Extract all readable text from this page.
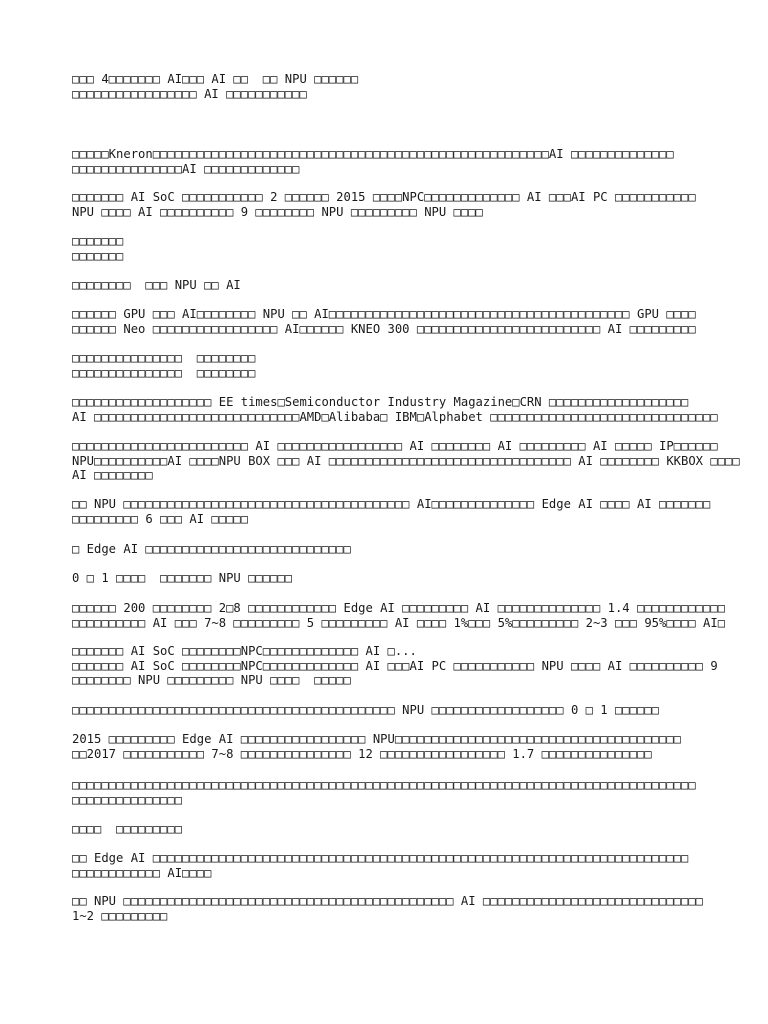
□□□ 4□□□□□□□ AI□□□ AI □□  □□ NPU □□□□□□
□□□□□□□□□□□□□□□□□ AI □□□□□□□□□□□
□□□□□Kneron□□□□□□□□□□□□□□□□□□□□□□□□□□□□□□□□□□□□□□□□□□□□□□□□□□□□□□AI □□□□□□□□□□□□□□
□□□□□□□□□□□□□□□AI □□□□□□□□□□□□□
□□□□□□□ AI SoC □□□□□□□□□□□ 2 □□□□□□ 2015 □□□□NPC□□□□□□□□□□□□□ AI □□□AI PC □□□□□□□□□□□
NPU □□□□ AI □□□□□□□□□□ 9 □□□□□□□□ NPU □□□□□□□□□ NPU □□□□
□□□□□□□
□□□□□□□
□□□□□□□□  □□□ NPU □□ AI
□□□□□□ GPU □□□ AI□□□□□□□□ NPU □□ AI□□□□□□□□□□□□□□□□□□□□□□□□□□□□□□□□□□□□□□□□□ GPU □□□□
□□□□□□ Neo □□□□□□□□□□□□□□□□□ AI□□□□□□ KNEO 300 □□□□□□□□□□□□□□□□□□□□□□□□□ AI □□□□□□□□□
□□□□□□□□□□□□□□□  □□□□□□□□
□□□□□□□□□□□□□□□  □□□□□□□□
□□□□□□□□□□□□□□□□□□□ EE times□Semiconductor Industry Magazine□CRN □□□□□□□□□□□□□□□□□□□
AI □□□□□□□□□□□□□□□□□□□□□□□□□□□□AMD□Alibaba□ IBM□Alphabet □□□□□□□□□□□□□□□□□□□□□□□□□□□□□□□
□□□□□□□□□□□□□□□□□□□□□□□□ AI □□□□□□□□□□□□□□□□□ AI □□□□□□□□ AI □□□□□□□□□ AI □□□□□ IP□□□□□□
NPU□□□□□□□□□□AI □□□□NPU BOX □□□ AI □□□□□□□□□□□□□□□□□□□□□□□□□□□□□□□□□ AI □□□□□□□□ KKBOX □□□□
AI □□□□□□□□
□□ NPU □□□□□□□□□□□□□□□□□□□□□□□□□□□□□□□□□□□□□□□ AI□□□□□□□□□□□□□□ Edge AI □□□□ AI □□□□□□□
□□□□□□□□□ 6 □□□ AI □□□□□
□ Edge AI □□□□□□□□□□□□□□□□□□□□□□□□□□□□
0 □ 1 □□□□  □□□□□□□ NPU □□□□□□
□□□□□□ 200 □□□□□□□□ 2□8 □□□□□□□□□□□□ Edge AI □□□□□□□□□ AI □□□□□□□□□□□□□□ 1.4 □□□□□□□□□□□□
□□□□□□□□□□ AI □□□ 7~8 □□□□□□□□□ 5 □□□□□□□□□ AI □□□□ 1%□□□ 5%□□□□□□□□□ 2~3 □□□ 95%□□□□ AI□
□□□□□□□ AI SoC □□□□□□□□NPC□□□□□□□□□□□□□ AI □...
□□□□□□□ AI SoC □□□□□□□□NPC□□□□□□□□□□□□□ AI □□□AI PC □□□□□□□□□□□ NPU □□□□ AI □□□□□□□□□□ 9
□□□□□□□□ NPU □□□□□□□□□ NPU □□□□  □□□□□
□□□□□□□□□□□□□□□□□□□□□□□□□□□□□□□□□□□□□□□□□□□□ NPU □□□□□□□□□□□□□□□□□□ 0 □ 1 □□□□□□
2015 □□□□□□□□□ Edge AI □□□□□□□□□□□□□□□□□ NPU□□□□□□□□□□□□□□□□□□□□□□□□□□□□□□□□□□□□□□□
□□2017 □□□□□□□□□□□ 7~8 □□□□□□□□□□□□□□□ 12 □□□□□□□□□□□□□□□□□ 1.7 □□□□□□□□□□□□□□□
□□□□□□□□□□□□□□□□□□□□□□□□□□□□□□□□□□□□□□□□□□□□□□□□□□□□□□□□□□□□□□□□□□□□□□□□□□□□□□□□□□□□□
□□□□□□□□□□□□□□□
□□□□  □□□□□□□□□
□□ Edge AI □□□□□□□□□□□□□□□□□□□□□□□□□□□□□□□□□□□□□□□□□□□□□□□□□□□□□□□□□□□□□□□□□□□□□□□□□
□□□□□□□□□□□□ AI□□□□
□□ NPU □□□□□□□□□□□□□□□□□□□□□□□□□□□□□□□□□□□□□□□□□□□□□ AI □□□□□□□□□□□□□□□□□□□□□□□□□□□□□□
1~2 □□□□□□□□□
